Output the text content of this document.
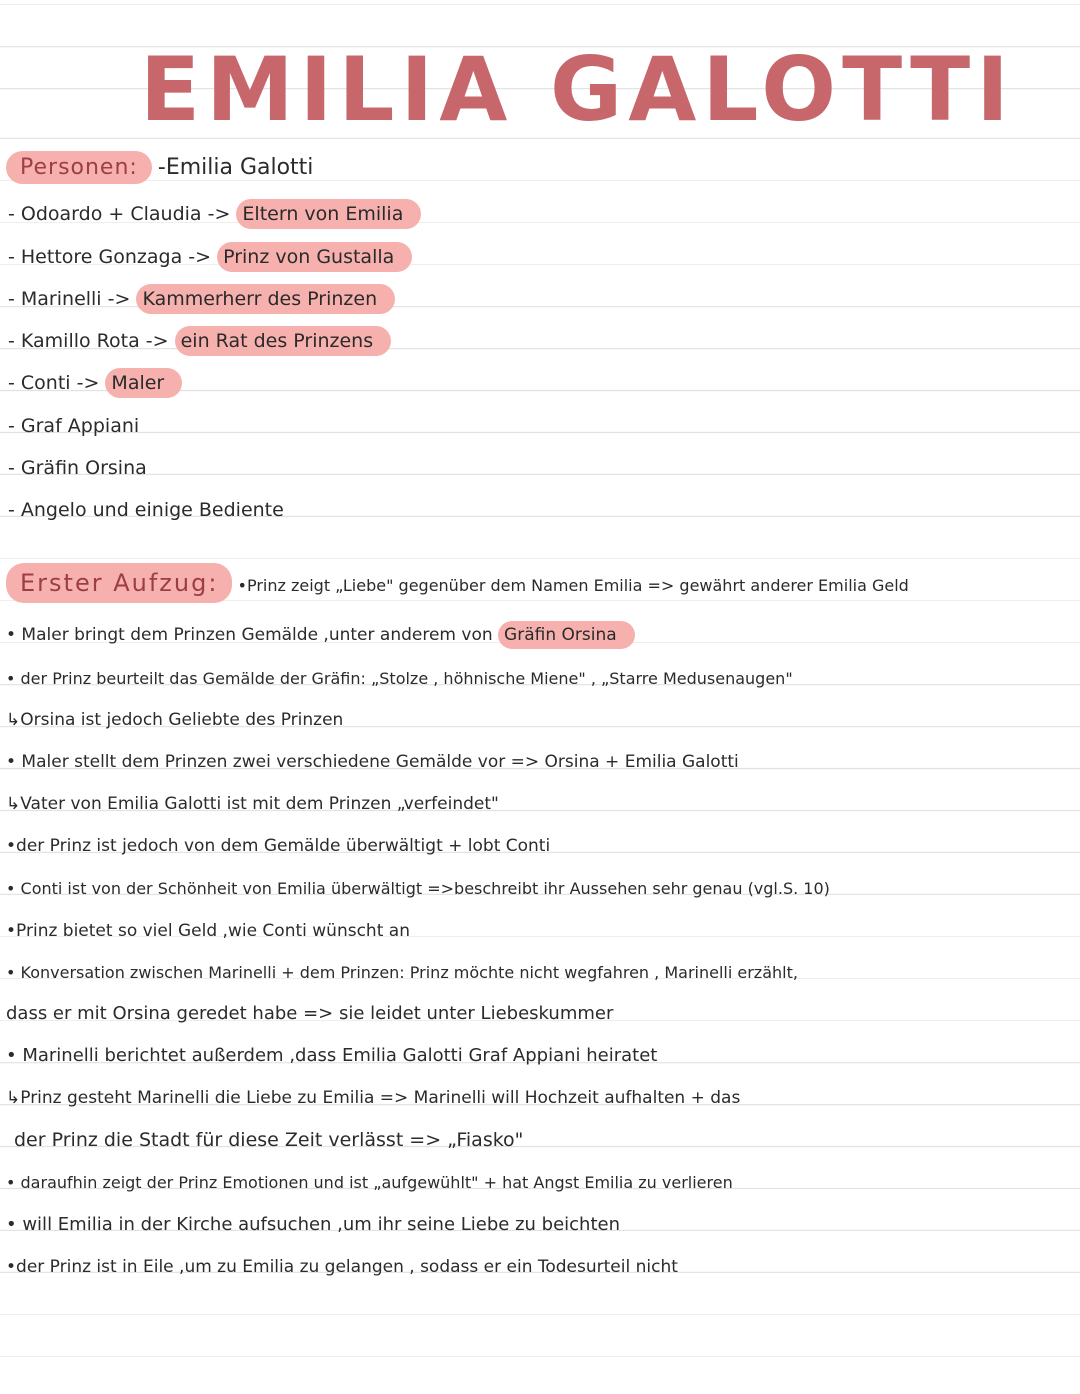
EMILIA GALOTTI
Personen: -Emilia Galotti
- Odoardo + Claudia -> Eltern von Emilia
- Hettore Gonzaga -> Prinz von Gustalla
- Marinelli -> Kammerherr des Prinzen
- Kamillo Rota -> ein Rat des Prinzens
- Conti -> Maler
- Graf Appiani
- Gräfin Orsina
- Angelo und einige Bediente
Erster Aufzug: •Prinz zeigt „Liebe" gegenüber dem Namen Emilia => gewährt anderer Emilia Geld
• Maler bringt dem Prinzen Gemälde ,unter anderem von Gräfin Orsina
• der Prinz beurteilt das Gemälde der Gräfin: „Stolze , höhnische Miene" , „Starre Medusenaugen"
↳Orsina ist jedoch Geliebte des Prinzen
• Maler stellt dem Prinzen zwei verschiedene Gemälde vor => Orsina + Emilia Galotti
↳Vater von Emilia Galotti ist mit dem Prinzen „verfeindet"
•der Prinz ist jedoch von dem Gemälde überwältigt + lobt Conti
• Conti ist von der Schönheit von Emilia überwältigt =>beschreibt ihr Aussehen sehr genau (vgl.S. 10)
•Prinz bietet so viel Geld ,wie Conti wünscht an
• Konversation zwischen Marinelli + dem Prinzen: Prinz möchte nicht wegfahren , Marinelli erzählt,
dass er mit Orsina geredet habe => sie leidet unter Liebeskummer
• Marinelli berichtet außerdem ,dass Emilia Galotti Graf Appiani heiratet
↳Prinz gesteht Marinelli die Liebe zu Emilia => Marinelli will Hochzeit aufhalten + das
der Prinz die Stadt für diese Zeit verlässt => „Fiasko"
• daraufhin zeigt der Prinz Emotionen und ist „aufgewühlt" + hat Angst Emilia zu verlieren
• will Emilia in der Kirche aufsuchen ,um ihr seine Liebe zu beichten
•der Prinz ist in Eile ,um zu Emilia zu gelangen , sodass er ein Todesurteil nicht
